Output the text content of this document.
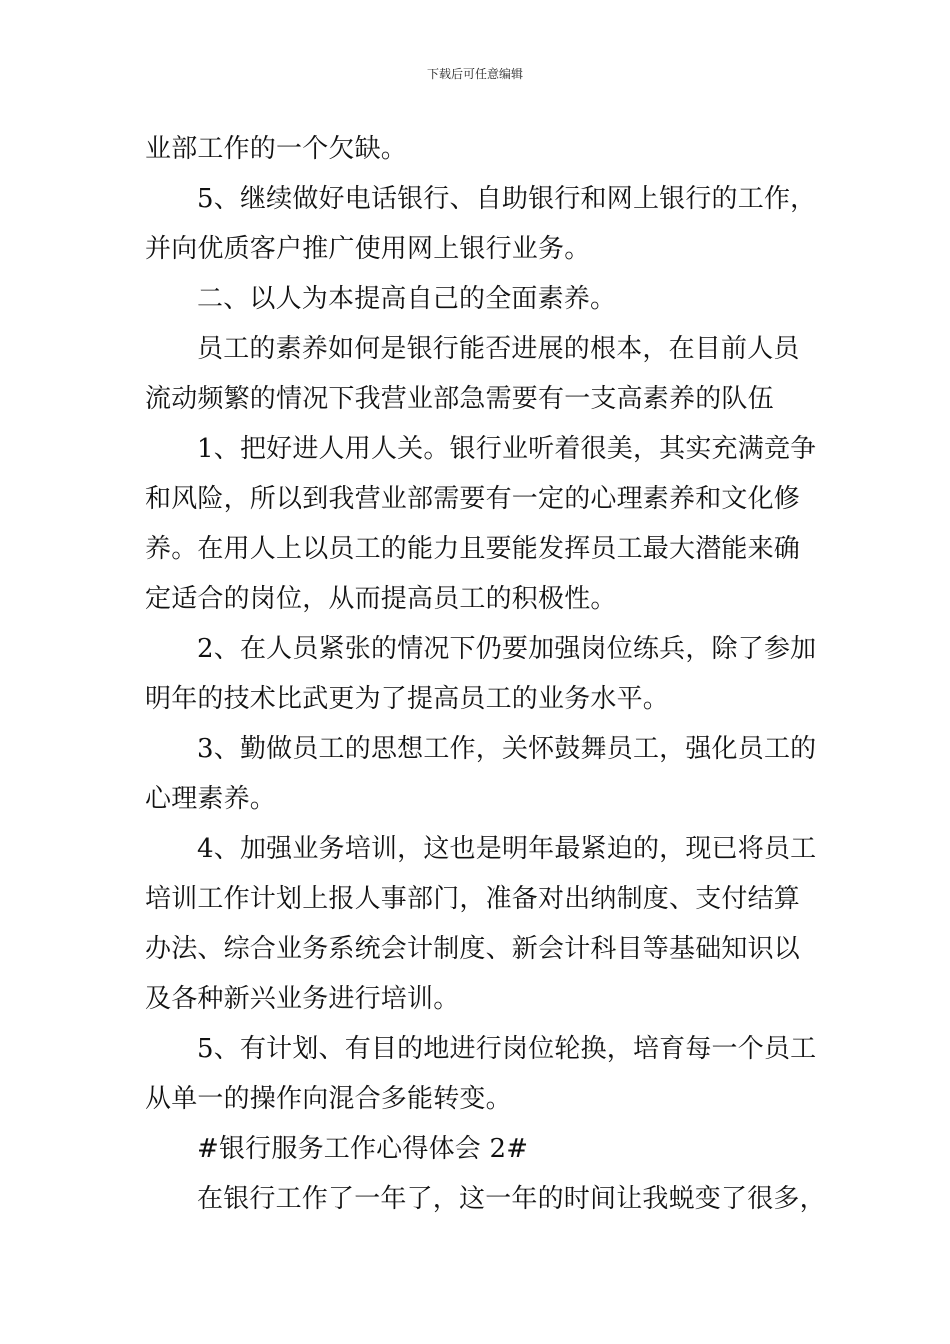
下载后可任意编辑
业部工作的一个欠缺。
5、继续做好电话银行、自助银行和网上银行的工作，
并向优质客户推广使用网上银行业务。
二、以人为本提高自己的全面素养。
员工的素养如何是银行能否进展的根本，在目前人员
流动频繁的情况下我营业部急需要有一支高素养的队伍
1、把好进人用人关。银行业听着很美，其实充满竞争
和风险，所以到我营业部需要有一定的心理素养和文化修
养。在用人上以员工的能力且要能发挥员工最大潜能来确
定适合的岗位，从而提高员工的积极性。
2、在人员紧张的情况下仍要加强岗位练兵，除了参加
明年的技术比武更为了提高员工的业务水平。
3、勤做员工的思想工作，关怀鼓舞员工，强化员工的
心理素养。
4、加强业务培训，这也是明年最紧迫的，现已将员工
培训工作计划上报人事部门，准备对出纳制度、支付结算
办法、综合业务系统会计制度、新会计科目等基础知识以
及各种新兴业务进行培训。
5、有计划、有目的地进行岗位轮换，培育每一个员工
从单一的操作向混合多能转变。
#银行服务工作心得体会 2#
在银行工作了一年了，这一年的时间让我蜕变了很多，
